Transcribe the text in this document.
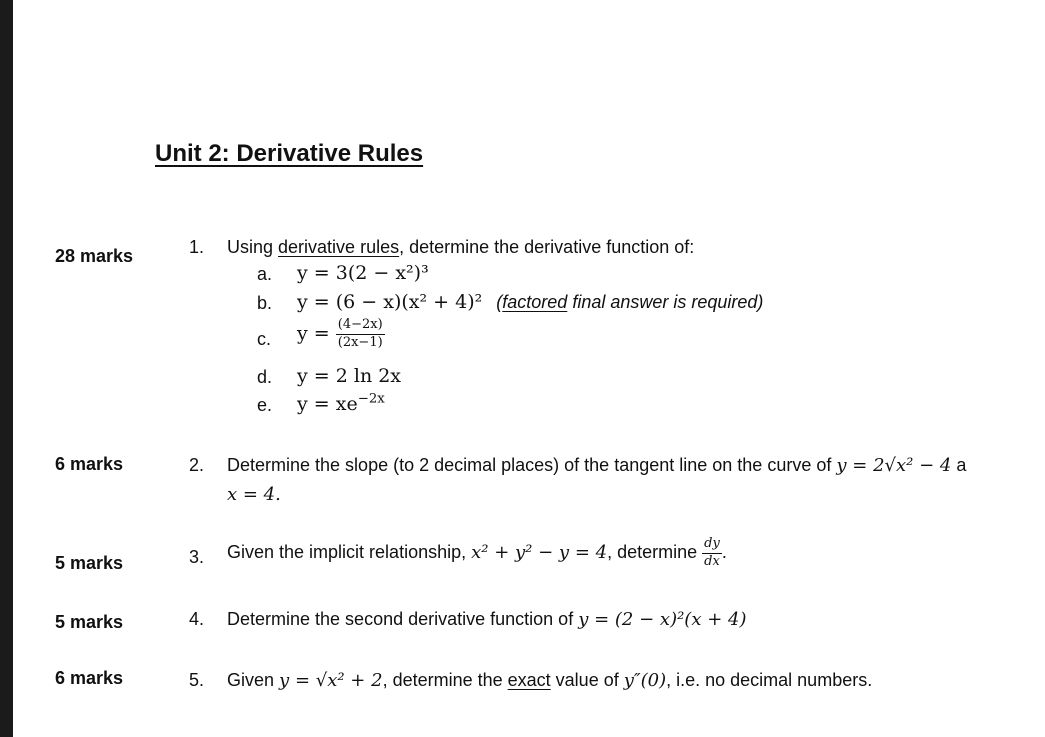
Unit 2: Derivative Rules
28 marks	1. Using derivative rules, determine the derivative function of:
a. y = 3(2 − x²)³
b. y = (6 − x)(x² + 4)² (factored final answer is required)
c. $y = \frac{(4-2x)}{(2x-1)}$
d. y = 2 ln 2x
e. $y = xe^{-2x}$
6 marks	2. Determine the slope (to 2 decimal places) of the tangent line on the curve of y = 2√x² − 4 a
x = 4.
5 marks	3. Given the implicit relationship, x² + y² − y = 4, determine $\frac{dy}{dx}$ .
5 marks	4. Determine the second derivative function of y = (2 − x)²(x + 4)
6 marks	5. Given y = √x² + 2, determine the exact value of y″(0), i.e. no decimal numbers.
